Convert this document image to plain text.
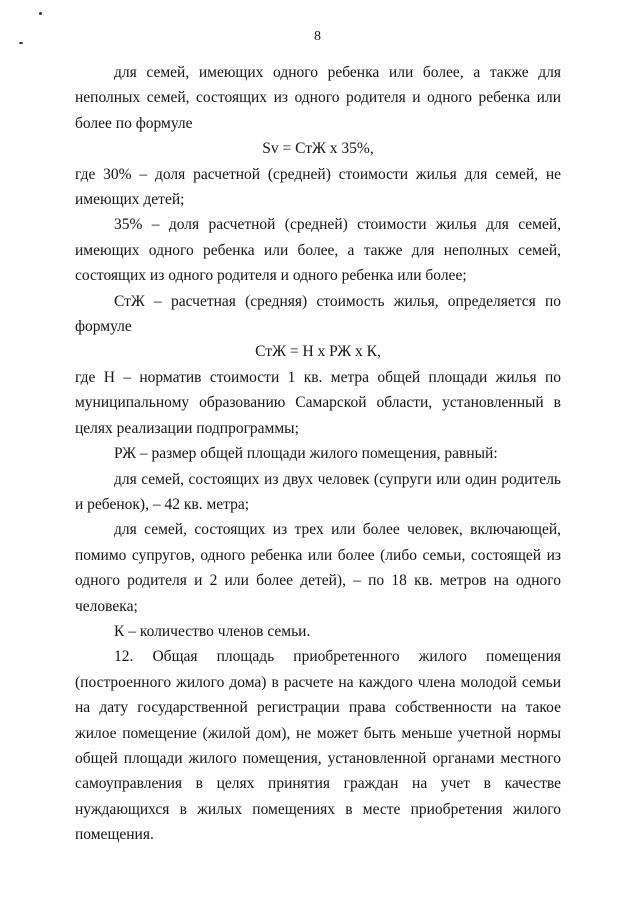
8

для семей, имеющих одного ребенка или более, а также для неполных семей, состоящих из одного родителя и одного ребенка или более по формуле

Sv = СтЖ х 35%,

где 30% – доля расчетной (средней) стоимости жилья для семей, не имеющих детей;

35% – доля расчетной (средней) стоимости жилья для семей, имеющих одного ребенка или более, а также для неполных семей, состоящих из одного родителя и одного ребенка или более;

СтЖ – расчетная (средняя) стоимость жилья, определяется по формуле

СтЖ = Н х РЖ х К,

где Н – норматив стоимости 1 кв. метра общей площади жилья по муниципальному образованию Самарской области, установленный в целях реализации подпрограммы;

РЖ – размер общей площади жилого помещения, равный:

для семей, состоящих из двух человек (супруги или один родитель и ребенок), – 42 кв. метра;

для семей, состоящих из трех или более человек, включающей, помимо супругов, одного ребенка или более (либо семьи, состоящей из одного родителя и 2 или более детей), – по 18 кв. метров на одного человека;

К – количество членов семьи.

12. Общая площадь приобретенного жилого помещения (построенного жилого дома) в расчете на каждого члена молодой семьи на дату государственной регистрации права собственности на такое жилое помещение (жилой дом), не может быть меньше учетной нормы общей площади жилого помещения, установленной органами местного самоуправления в целях принятия граждан на учет в качестве нуждающихся в жилых помещениях в месте приобретения жилого помещения.
